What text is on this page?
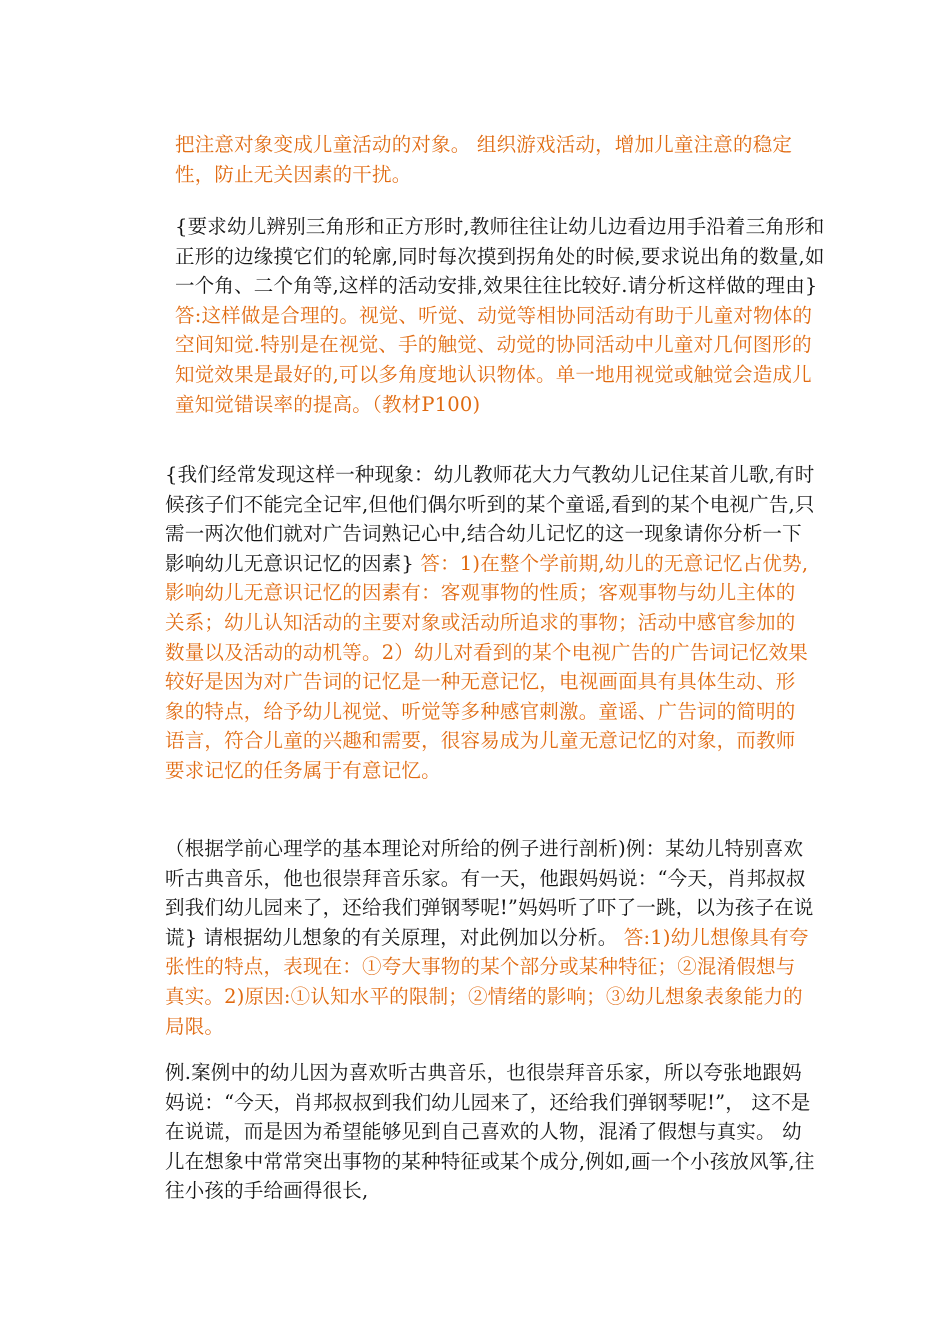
把注意对象变成儿童活动的对象。 组织游戏活动，增加儿童注意的稳定性，防止无关因素的干扰。

{要求幼儿辨别三角形和正方形时,教师往往让幼儿边看边用手沿着三角形和正形的边缘摸它们的轮廓,同时每次摸到拐角处的时候,要求说出角的数量,如一个角、二个角等,这样的活动安排,效果往往比较好.请分析这样做的理由} 答:这样做是合理的。视觉、听觉、动觉等相协同活动有助于儿童对物体的空间知觉.特别是在视觉、手的触觉、动觉的协同活动中儿童对几何图形的知觉效果是最好的,可以多角度地认识物体。单一地用视觉或触觉会造成儿童知觉错误率的提高。（教材P100)

{我们经常发现这样一种现象：幼儿教师花大力气教幼儿记住某首儿歌,有时候孩子们不能完全记牢,但他们偶尔听到的某个童谣,看到的某个电视广告,只需一两次他们就对广告词熟记心中,结合幼儿记忆的这一现象请你分析一下影响幼儿无意识记忆的因素} 答：1)在整个学前期,幼儿的无意记忆占优势,影响幼儿无意识记忆的因素有：客观事物的性质；客观事物与幼儿主体的关系；幼儿认知活动的主要对象或活动所追求的事物；活动中感官参加的数量以及活动的动机等。2）幼儿对看到的某个电视广告的广告词记忆效果较好是因为对广告词的记忆是一种无意记忆，电视画面具有具体生动、形象的特点，给予幼儿视觉、听觉等多种感官刺激。童谣、广告词的简明的语言，符合儿童的兴趣和需要，很容易成为儿童无意记忆的对象，而教师要求记忆的任务属于有意记忆。

（根据学前心理学的基本理论对所给的例子进行剖析)例：某幼儿特别喜欢听古典音乐，他也很崇拜音乐家。有一天，他跟妈妈说：“今天，肖邦叔叔到我们幼儿园来了，还给我们弹钢琴呢!”妈妈听了吓了一跳，以为孩子在说谎} 请根据幼儿想象的有关原理，对此例加以分析。 答:1)幼儿想像具有夸张性的特点，表现在：①夸大事物的某个部分或某种特征；②混淆假想与真实。2)原因:①认知水平的限制；②情绪的影响；③幼儿想象表象能力的局限。

例.案例中的幼儿因为喜欢听古典音乐，也很崇拜音乐家，所以夸张地跟妈妈说：“今天，肖邦叔叔到我们幼儿园来了，还给我们弹钢琴呢!”， 这不是在说谎，而是因为希望能够见到自己喜欢的人物，混淆了假想与真实。 幼儿在想象中常常突出事物的某种特征或某个成分,例如,画一个小孩放风筝,往往小孩的手给画得很长,
